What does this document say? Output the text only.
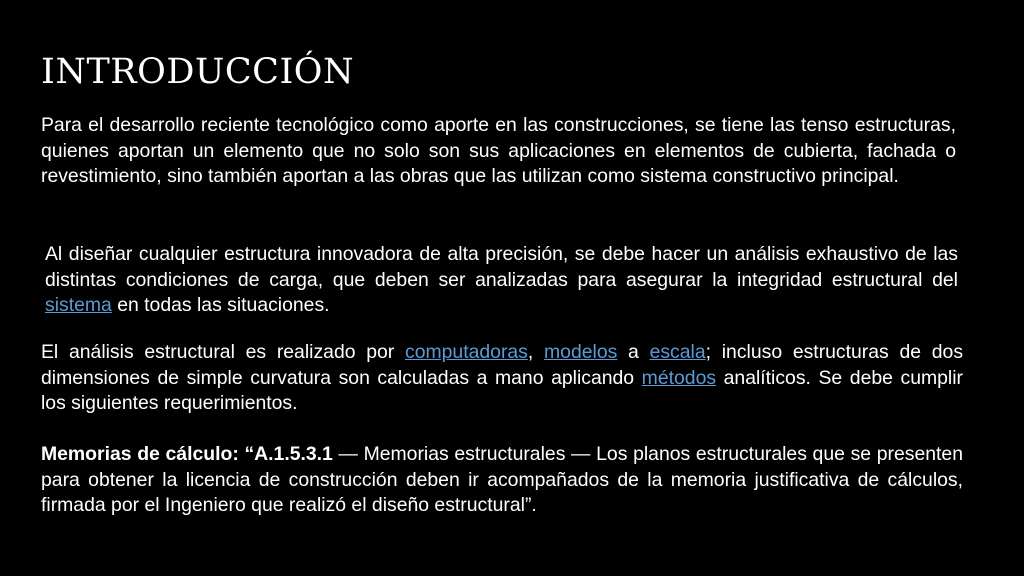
INTRODUCCIÓN

Para el desarrollo reciente tecnológico como aporte en las construcciones, se tiene las tenso estructuras, quienes aportan un elemento que no solo son sus aplicaciones en elementos de cubierta, fachada o revestimiento, sino también aportan a las obras que las utilizan como sistema constructivo principal.

Al diseñar cualquier estructura innovadora de alta precisión, se debe hacer un análisis exhaustivo de las distintas condiciones de carga, que deben ser analizadas para asegurar la integridad estructural del sistema en todas las situaciones.

El análisis estructural es realizado por computadoras, modelos a escala; incluso estructuras de dos dimensiones de simple curvatura son calculadas a mano aplicando métodos analíticos. Se debe cumplir los siguientes requerimientos.

Memorias de cálculo: “A.1.5.3.1 — Memorias estructurales — Los planos estructurales que se presenten para obtener la licencia de construcción deben ir acompañados de la memoria justificativa de cálculos, firmada por el Ingeniero que realizó el diseño estructural”.
